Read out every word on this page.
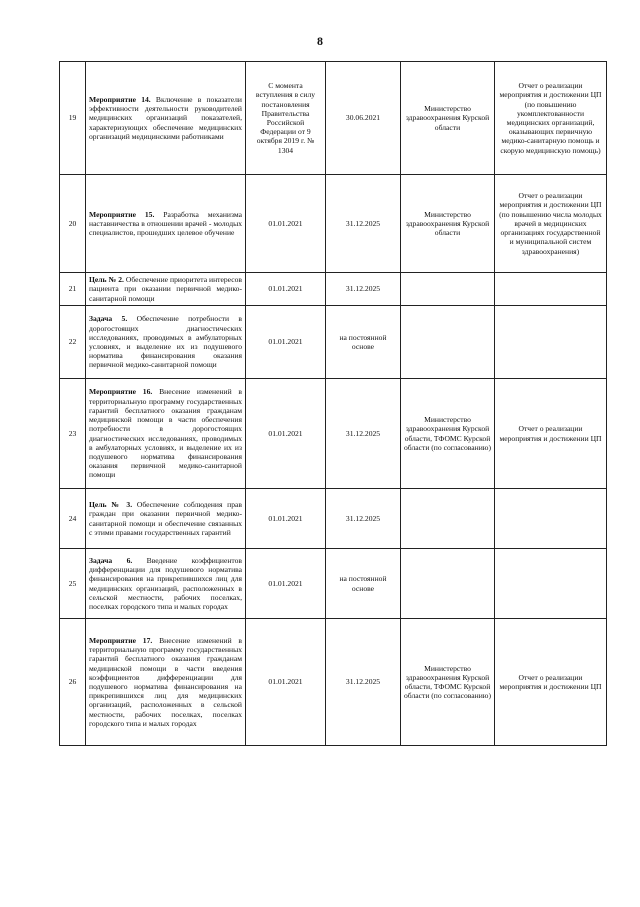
8
19	Мероприятие 14. Включение в показатели эффективности деятельности руководителей медицинских организаций показателей, характеризующих обеспечение медицинских организаций медицинскими работниками	С момента вступления в силу постановления Правительства Российской Федерации от 9 октября 2019 г. № 1304	30.06.2021	Министерство здравоохранения Курской области	Отчет о реализации мероприятия и достижении ЦП (по повышению укомплектованности медицинских организаций, оказывающих первичную медико-санитарную помощь и скорую медицинскую помощь)
20	Мероприятие 15. Разработка механизма наставничества в отношении врачей - молодых специалистов, прошедших целевое обучение	01.01.2021	31.12.2025	Министерство здравоохранения Курской области	Отчет о реализации мероприятия и достижении ЦП (по повышению числа молодых врачей в медицинских организациях государственной и муниципальной систем здравоохранения)
21	Цель № 2. Обеспечение приоритета интересов пациента при оказании первичной медико-санитарной помощи	01.01.2021	31.12.2025		
22	Задача 5. Обеспечение потребности в дорогостоящих диагностических исследованиях, проводимых в амбулаторных условиях, и выделение их из подушевого норматива финансирования оказания первичной медико-санитарной помощи	01.01.2021	на постоянной основе		
23	Мероприятие 16. Внесение изменений в территориальную программу государственных гарантий бесплатного оказания гражданам медицинской помощи в части обеспечения потребности в дорогостоящих диагностических исследованиях, проводимых в амбулаторных условиях, и выделение их из подушевого норматива финансирования оказания первичной медико-санитарной помощи	01.01.2021	31.12.2025	Министерство здравоохранения Курской области, ТФОМС Курской области (по согласованию)	Отчет о реализации мероприятия и достижении ЦП
24	Цель № 3. Обеспечение соблюдения прав граждан при оказании первичной медико-санитарной помощи и обеспечение связанных с этими правами государственных гарантий	01.01.2021	31.12.2025		
25	Задача 6. Введение коэффициентов дифференциации для подушевого норматива финансирования на прикрепившихся лиц для медицинских организаций, расположенных в сельской местности, рабочих поселках, поселках городского типа и малых городах	01.01.2021	на постоянной основе		
26	Мероприятие 17. Внесение изменений в территориальную программу государственных гарантий бесплатного оказания гражданам медицинской помощи в части введения коэффициентов дифференциации для подушевого норматива финансирования на прикрепившихся лиц для медицинских организаций, расположенных в сельской местности, рабочих поселках, поселках городского типа и малых городах	01.01.2021	31.12.2025	Министерство здравоохранения Курской области, ТФОМС Курской области (по согласованию)	Отчет о реализации мероприятия и достижении ЦП
